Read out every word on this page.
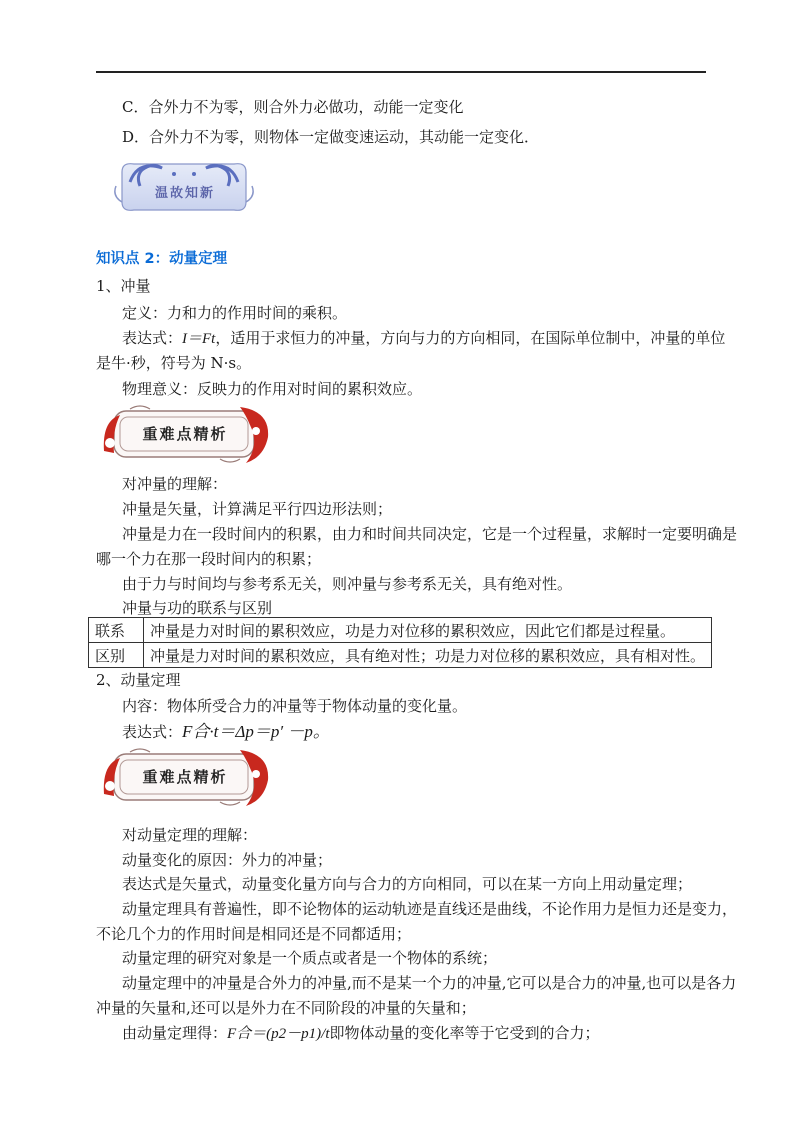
C．合外力不为零，则合外力必做功，动能一定变化
D．合外力不为零，则物体一定做变速运动，其动能一定变化．
温故知新
知识点 2：动量定理
1、冲量
定义：力和力的作用时间的乘积。
表达式：I＝Ft，适用于求恒力的冲量，方向与力的方向相同，在国际单位制中，冲量的单位
是牛·秒，符号为 N·s。
物理意义：反映力的作用对时间的累积效应。
重难点精析
对冲量的理解：
冲量是矢量，计算满足平行四边形法则；
冲量是力在一段时间内的积累，由力和时间共同决定，它是一个过程量，求解时一定要明确是
哪一个力在那一段时间内的积累；
由于力与时间均与参考系无关，则冲量与参考系无关，具有绝对性。
冲量与功的联系与区别
联系	冲量是力对时间的累积效应，功是力对位移的累积效应，因此它们都是过程量。
区别	冲量是力对时间的累积效应，具有绝对性；功是力对位移的累积效应，具有相对性。
2、动量定理
内容：物体所受合力的冲量等于物体动量的变化量。
表达式：F合·t＝Δp＝p′ －p。
重难点精析
对动量定理的理解：
动量变化的原因：外力的冲量；
表达式是矢量式，动量变化量方向与合力的方向相同，可以在某一方向上用动量定理；
动量定理具有普遍性，即不论物体的运动轨迹是直线还是曲线，不论作用力是恒力还是变力，
不论几个力的作用时间是相同还是不同都适用；
动量定理的研究对象是一个质点或者是一个物体的系统；
动量定理中的冲量是合外力的冲量,而不是某一个力的冲量,它可以是合力的冲量,也可以是各力
冲量的矢量和,还可以是外力在不同阶段的冲量的矢量和；
由动量定理得：F合＝(p2－p1)/t即物体动量的变化率等于它受到的合力；
